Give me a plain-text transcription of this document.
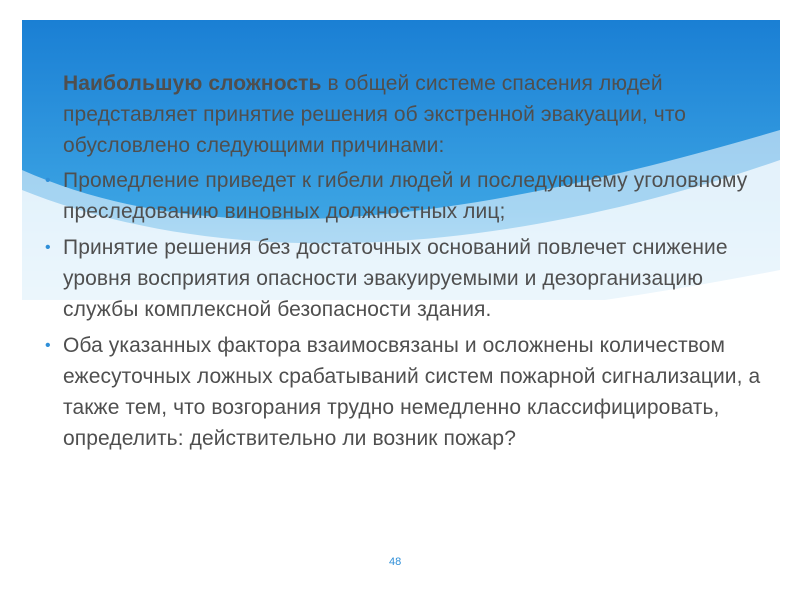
Наибольшую сложность в общей системе спасения людей представляет принятие решения об экстренной эвакуации, что обусловлено следующими причинами:

• Промедление приведет к гибели людей и последующему уголовному преследованию виновных должностных лиц;
• Принятие решения без достаточных оснований повлечет снижение уровня восприятия опасности эвакуируемыми и дезорганизацию службы комплексной безопасности здания.
• Оба указанных фактора взаимосвязаны и осложнены количеством ежесуточных ложных срабатываний систем пожарной сигнализации, а также тем, что возгорания трудно немедленно классифицировать, определить: действительно ли возник пожар?
48
